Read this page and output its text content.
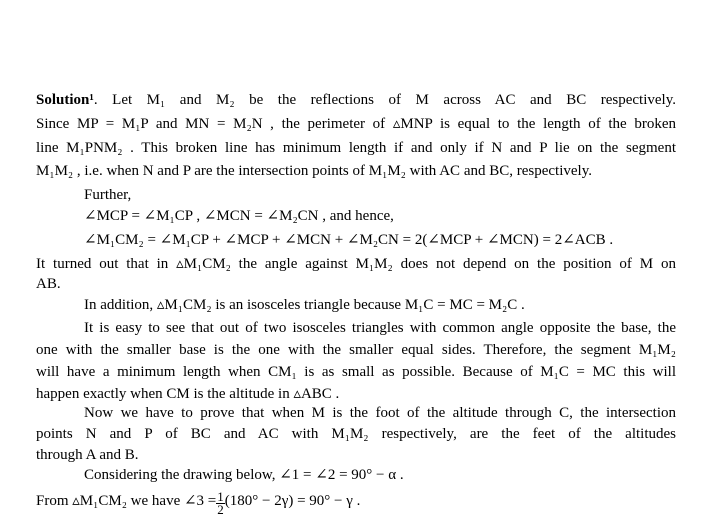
Solution¹. Let M₁ and M₂ be the reflections of M across AC and BC respectively.
Since MP = M₁P and MN = M₂N , the perimeter of ▵MNP is equal to the length of the broken
line M₁PNM₂ . This broken line has minimum length if and only if N and P lie on the segment
M₁M₂ , i.e. when N and P are the intersection points of M₁M₂ with AC and BC, respectively.
Further,
∠MCP = ∠M₁CP , ∠MCN = ∠M₂CN , and hence,
∠M₁CM₂ = ∠M₁CP + ∠MCP + ∠MCN + ∠M₂CN = 2(∠MCP + ∠MCN) = 2∠ACB .
It turned out that in ▵M₁CM₂ the angle against M₁M₂ does not depend on the position of M on
AB.
In addition, ▵M₁CM₂ is an isosceles triangle because M₁C = MC = M₂C .
It is easy to see that out of two isosceles triangles with common angle opposite the base, the
one with the smaller base is the one with the smaller equal sides. Therefore, the segment M₁M₂
will have a minimum length when CM₁ is as small as possible. Because of M₁C = MC this will
happen exactly when CM is the altitude in ▵ABC .
Now we have to prove that when M is the foot of the altitude through C, the intersection
points N and P of BC and AC with M₁M₂ respectively, are the feet of the altitudes
through A and B.
Considering the drawing below, ∠1 = ∠2 = 90° − α .
From ▵M₁CM₂ we have ∠3 = $\frac{1}{2} (180^\circ - 2\gamma) = 90^\circ - \gamma$ .
